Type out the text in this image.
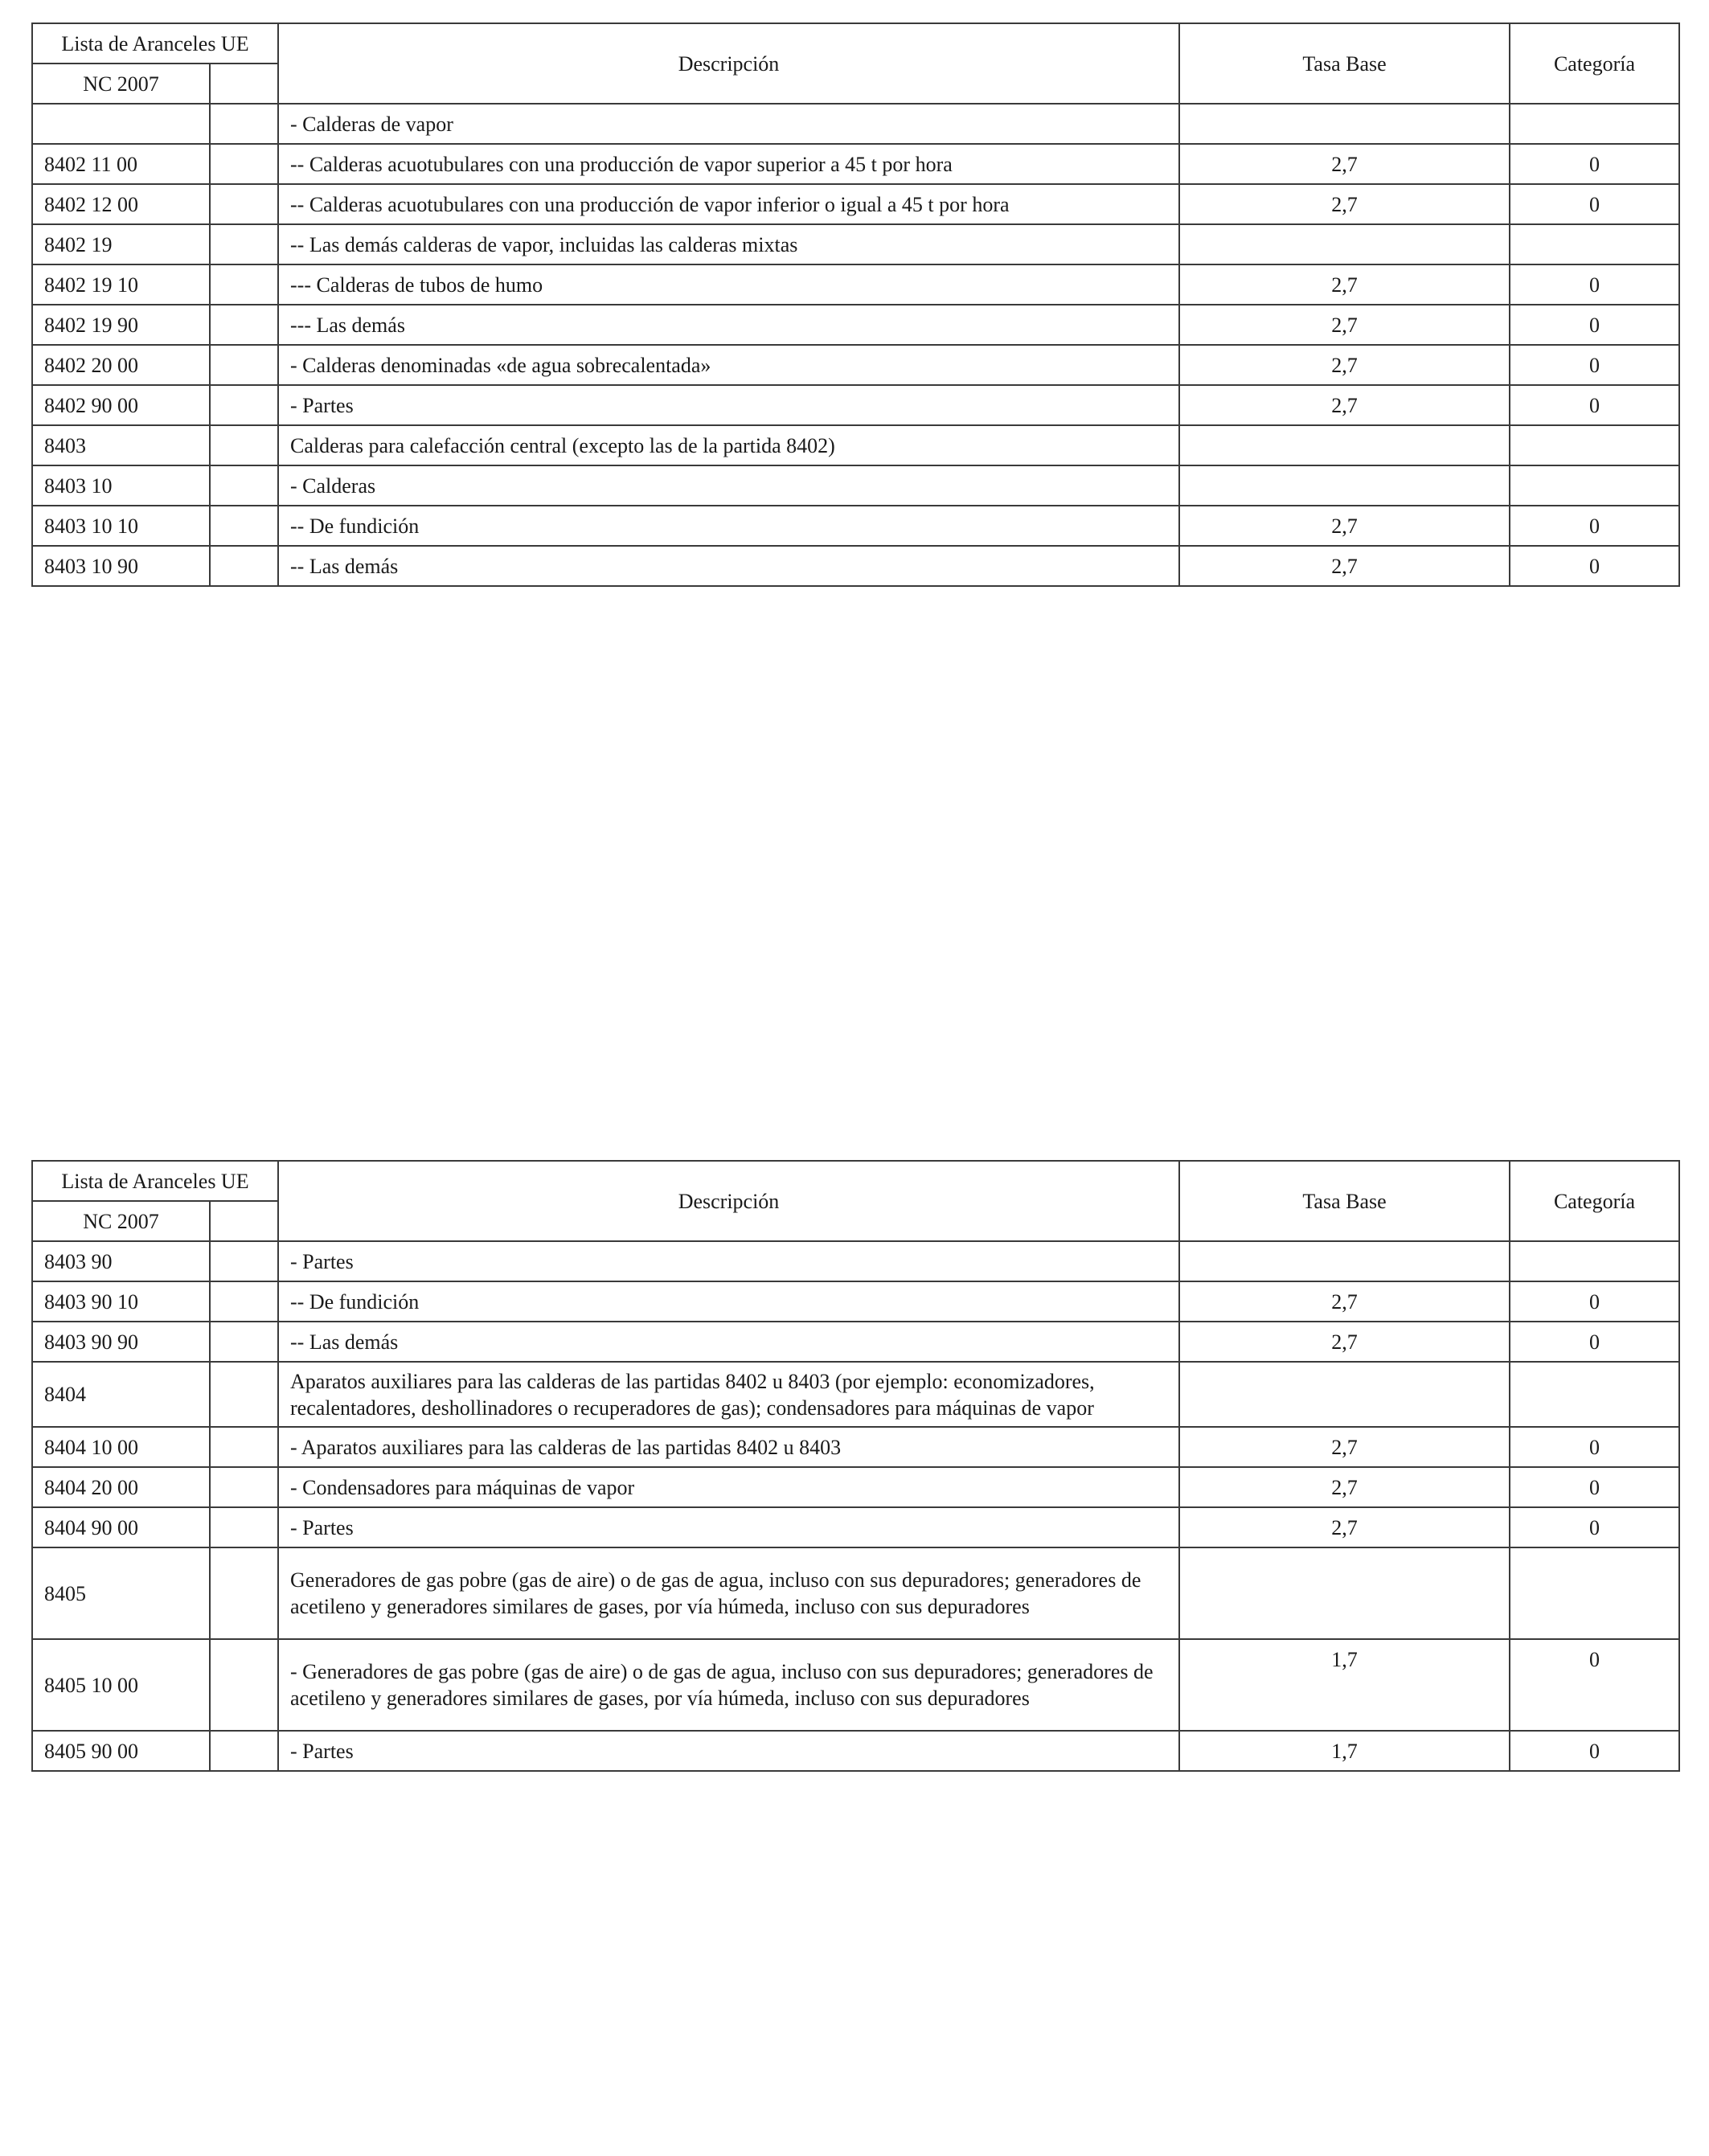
Lista de Aranceles UE		Descripción	Tasa Base	Categoría
NC 2007				
		- Calderas de vapor		
8402 11 00		-- Calderas acuotubulares con una producción de vapor superior a 45 t por hora	2,7	0
8402 12 00		-- Calderas acuotubulares con una producción de vapor inferior o igual a 45 t por hora	2,7	0
8402 19		-- Las demás calderas de vapor, incluidas las calderas mixtas		
8402 19 10		--- Calderas de tubos de humo	2,7	0
8402 19 90		--- Las demás	2,7	0
8402 20 00		- Calderas denominadas «de agua sobrecalentada»	2,7	0
8402 90 00		- Partes	2,7	0
8403		Calderas para calefacción central (excepto las de la partida 8402)		
8403 10		- Calderas		
8403 10 10		-- De fundición	2,7	0
8403 10 90		-- Las demás	2,7	0
Lista de Aranceles UE		Descripción	Tasa Base	Categoría
NC 2007				
8403 90		- Partes		
8403 90 10		-- De fundición	2,7	0
8403 90 90		-- Las demás	2,7	0
8404		Aparatos auxiliares para las calderas de las partidas 8402 u 8403 (por ejemplo: economizadores, recalentadores, deshollinadores o recuperadores de gas); condensadores para máquinas de vapor		
8404 10 00		- Aparatos auxiliares para las calderas de las partidas 8402 u 8403	2,7	0
8404 20 00		- Condensadores para máquinas de vapor	2,7	0
8404 90 00		- Partes	2,7	0
8405		Generadores de gas pobre (gas de aire) o de gas de agua, incluso con sus depuradores; generadores de acetileno y generadores similares de gases, por vía húmeda, incluso con sus depuradores		
8405 10 00		- Generadores de gas pobre (gas de aire) o de gas de agua, incluso con sus depuradores; generadores de acetileno y generadores similares de gases, por vía húmeda, incluso con sus depuradores	1,7	0
8405 90 00		- Partes	1,7	0
